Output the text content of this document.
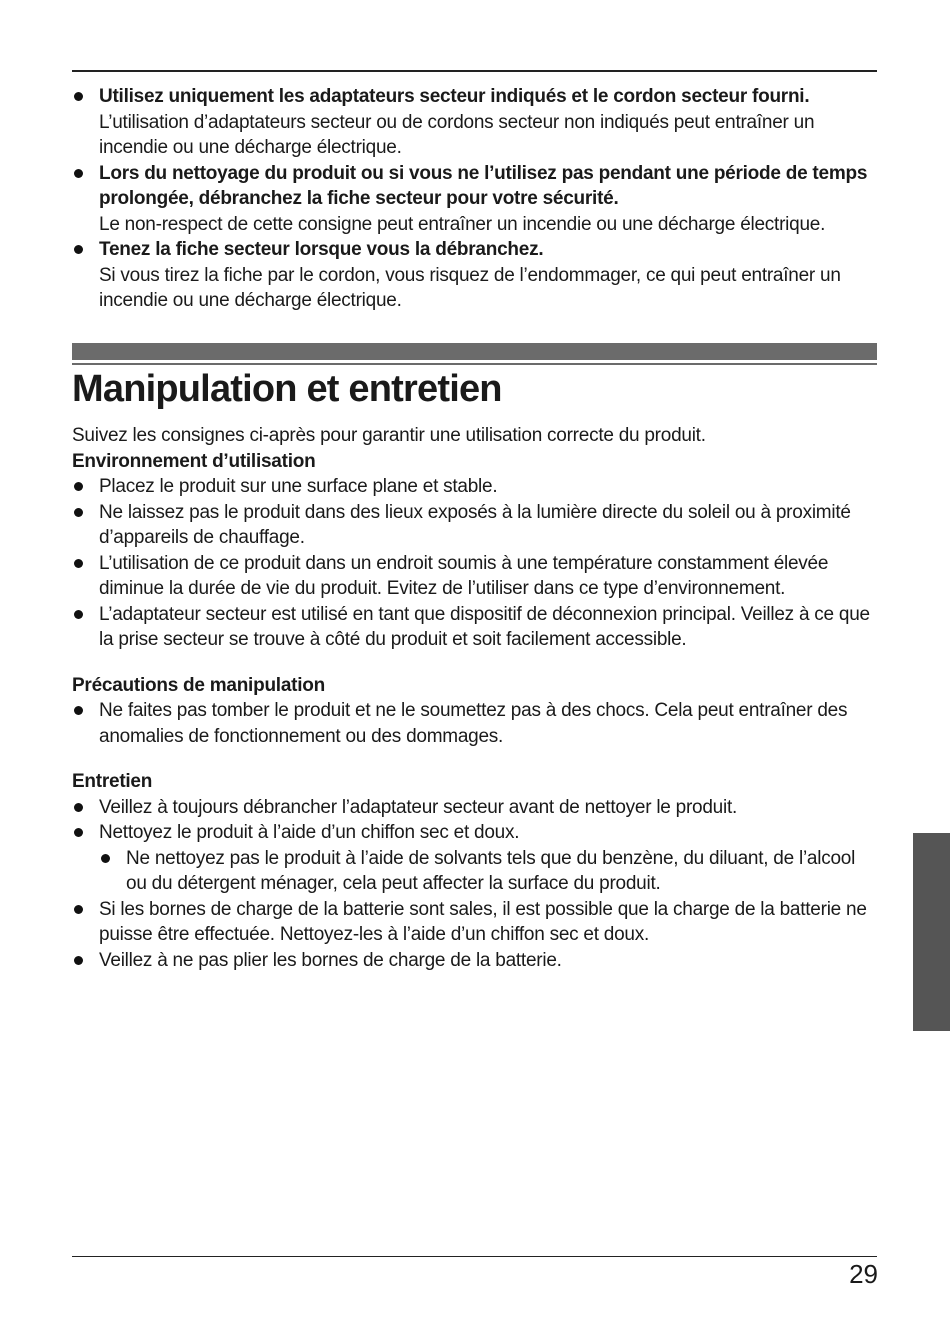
Utilisez uniquement les adaptateurs secteur indiqués et le cordon secteur fourni.
L’utilisation d’adaptateurs secteur ou de cordons secteur non indiqués peut entraîner un incendie ou une décharge électrique.
Lors du nettoyage du produit ou si vous ne l’utilisez pas pendant une période de temps prolongée, débranchez la fiche secteur pour votre sécurité.
Le non-respect de cette consigne peut entraîner un incendie ou une décharge électrique.
Tenez la fiche secteur lorsque vous la débranchez.
Si vous tirez la fiche par le cordon, vous risquez de l’endommager, ce qui peut entraîner un incendie ou une décharge électrique.
Manipulation et entretien
Suivez les consignes ci-après pour garantir une utilisation correcte du produit.
Environnement d’utilisation
Placez le produit sur une surface plane et stable.
Ne laissez pas le produit dans des lieux exposés à la lumière directe du soleil ou à proximité d’appareils de chauffage.
L’utilisation de ce produit dans un endroit soumis à une température constamment élevée diminue la durée de vie du produit. Evitez de l’utiliser dans ce type d’environnement.
L’adaptateur secteur est utilisé en tant que dispositif de déconnexion principal. Veillez à ce que la prise secteur se trouve à côté du produit et soit facilement accessible.
Précautions de manipulation
Ne faites pas tomber le produit et ne le soumettez pas à des chocs. Cela peut entraîner des anomalies de fonctionnement ou des dommages.
Entretien
Veillez à toujours débrancher l’adaptateur secteur avant de nettoyer le produit.
Nettoyez le produit à l’aide d’un chiffon sec et doux.
Ne nettoyez pas le produit à l’aide de solvants tels que du benzène, du diluant, de l’alcool ou du détergent ménager, cela peut affecter la surface du produit.
Si les bornes de charge de la batterie sont sales, il est possible que la charge de la batterie ne puisse être effectuée. Nettoyez-les à l’aide d’un chiffon sec et doux.
Veillez à ne pas plier les bornes de charge de la batterie.
29
